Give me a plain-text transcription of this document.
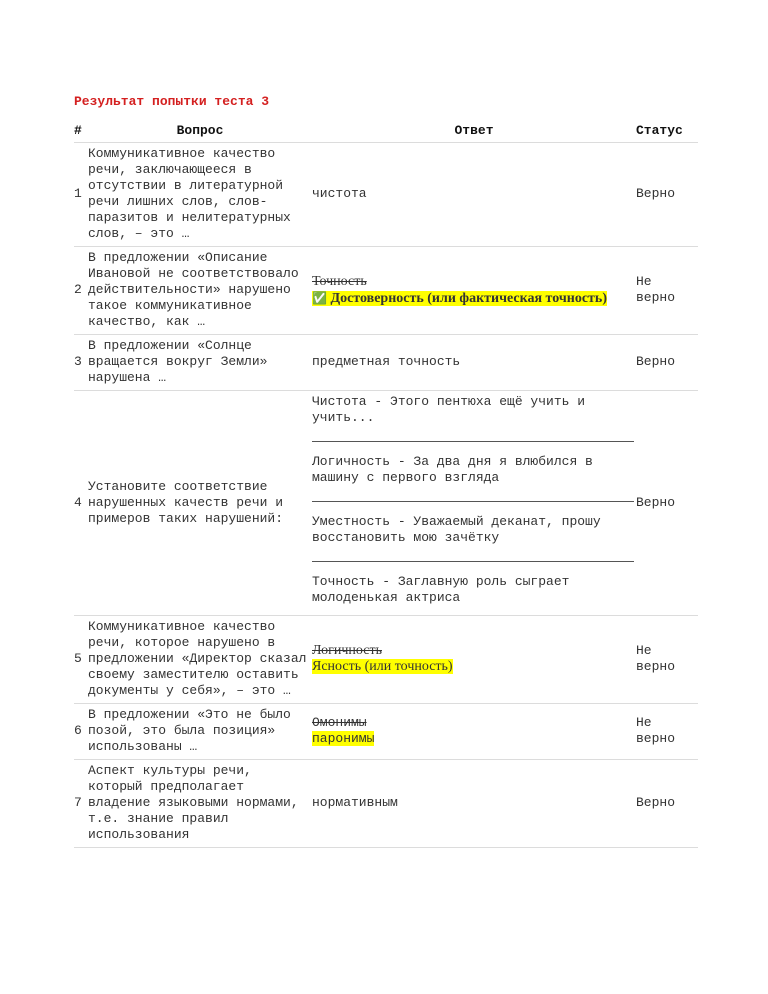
Результат попытки теста 3
#	Вопрос	Ответ	Статус
1	Коммуникативное качество речи, заключающееся в отсутствии в литературной речи лишних слов, слов-паразитов и нелитературных слов, – это …	чистота	Верно
2	В предложении «Описание Ивановой не соответствовало действительности» нарушено такое коммуникативное качество, как …	Точность
✅ Достоверность (или фактическая точность)	Не верно
3	В предложении «Солнце вращается вокруг Земли» нарушена …	предметная точность	Верно
4	Установите соответствие нарушенных качеств речи и примеров таких нарушений:	Чистота - Этого пентюха ещё учить и учить...
Логичность - За два дня я влюбился в машину с первого взгляда
Уместность - Уважаемый деканат, прошу восстановить мою зачётку
Точность - Заглавную роль сыграет молоденькая актриса	Верно
5	Коммуникативное качество речи, которое нарушено в предложении «Директор сказал своему заместителю оставить документы у себя», – это …	Логичность
Ясность (или точность)	Не верно
6	В предложении «Это не было позой, это была позиция» использованы …	Омонимы
паронимы	Не верно
7	Аспект культуры речи, который предполагает владение языковыми нормами, т.е. знание правил использования	нормативным	Верно
